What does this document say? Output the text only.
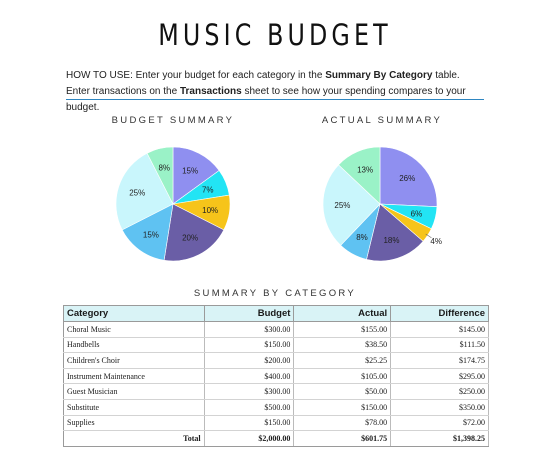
MUSIC BUDGET
HOW TO USE: Enter your budget for each category in the Summary By Category table. Enter transactions on the Transactions sheet to see how your spending compares to your budget.
BUDGET SUMMARY	ACTUAL SUMMARY
15%
7%
10%
20%
15%
25%
8%
26%
6%
4%
18%
8%
25%
13%
SUMMARY BY CATEGORY
Category	Budget	Actual	Difference
Choral Music	$300.00	$155.00	$145.00
Handbells	$150.00	$38.50	$111.50
Children's Choir	$200.00	$25.25	$174.75
Instrument Maintenance	$400.00	$105.00	$295.00
Guest Musician	$300.00	$50.00	$250.00
Substitute	$500.00	$150.00	$350.00
Supplies	$150.00	$78.00	$72.00
Total	$2,000.00	$601.75	$1,398.25
